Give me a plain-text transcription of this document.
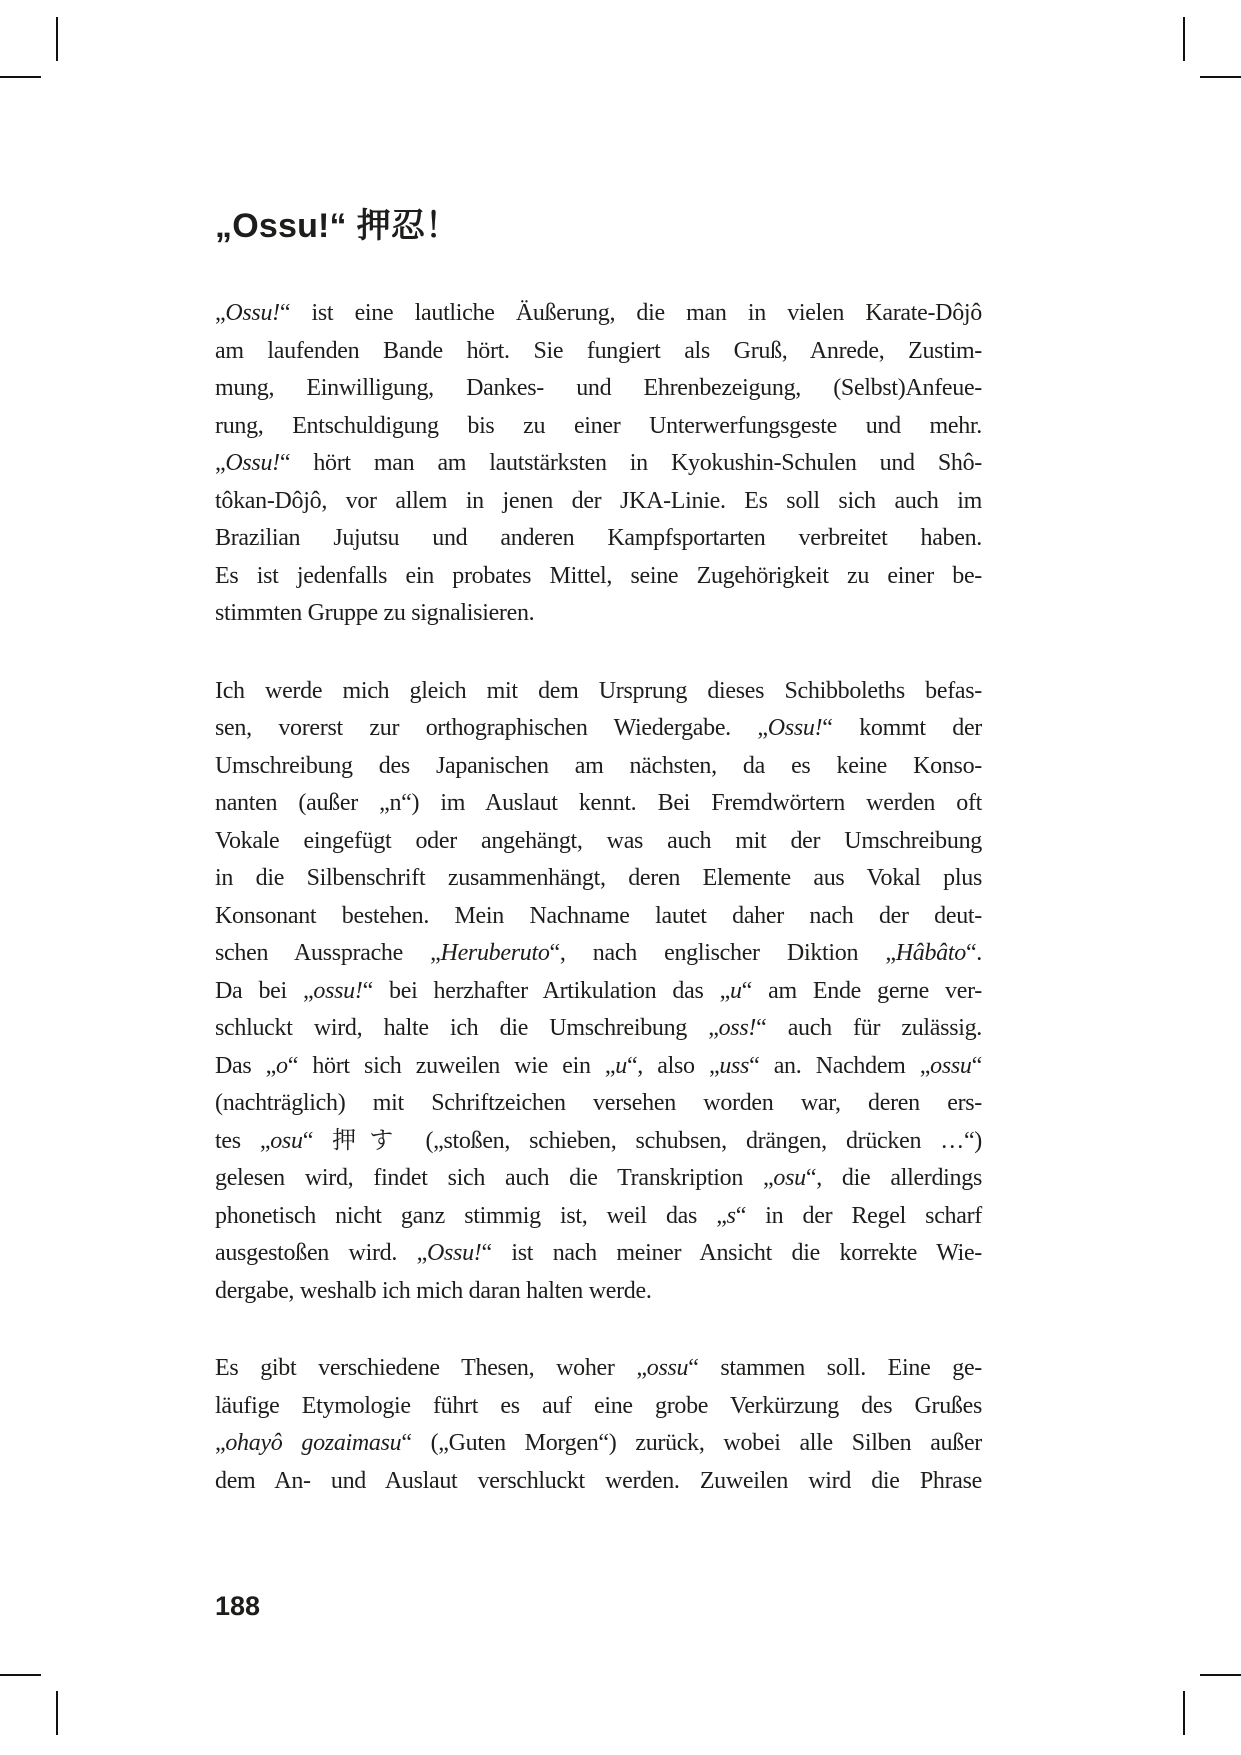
„Ossu!“ 押忍！
„Ossu!“ ist eine lautliche Äußerung, die man in vielen Karate-Dôjô
am laufenden Bande hört. Sie fungiert als Gruß, Anrede, Zustim-
mung, Einwilligung, Dankes- und Ehrenbezeigung, (Selbst)Anfeue-
rung, Entschuldigung bis zu einer Unterwerfungsgeste und mehr.
„Ossu!“ hört man am lautstärksten in Kyokushin-Schulen und Shô-
tôkan-Dôjô, vor allem in jenen der JKA-Linie. Es soll sich auch im
Brazilian Jujutsu und anderen Kampfsportarten verbreitet haben.
Es ist jedenfalls ein probates Mittel, seine Zugehörigkeit zu einer be-
stimmten Gruppe zu signalisieren.
Ich werde mich gleich mit dem Ursprung dieses Schibboleths befas-
sen, vorerst zur orthographischen Wiedergabe. „Ossu!“ kommt der
Umschreibung des Japanischen am nächsten, da es keine Konso-
nanten (außer „n“) im Auslaut kennt. Bei Fremdwörtern werden oft
Vokale eingefügt oder angehängt, was auch mit der Umschreibung
in die Silbenschrift zusammenhängt, deren Elemente aus Vokal plus
Konsonant bestehen. Mein Nachname lautet daher nach der deut-
schen Aussprache „Heruberuto“, nach englischer Diktion „Hâbâto“.
Da bei „ossu!“ bei herzhafter Artikulation das „u“ am Ende gerne ver-
schluckt wird, halte ich die Umschreibung „oss!“ auch für zulässig.
Das „o“ hört sich zuweilen wie ein „u“, also „uss“ an. Nachdem „ossu“
(nachträglich) mit Schriftzeichen versehen worden war, deren ers-
tes „osu“ 押す („stoßen, schieben, schubsen, drängen, drücken …“)
gelesen wird, findet sich auch die Transkription „osu“, die allerdings
phonetisch nicht ganz stimmig ist, weil das „s“ in der Regel scharf
ausgestoßen wird. „Ossu!“ ist nach meiner Ansicht die korrekte Wie-
dergabe, weshalb ich mich daran halten werde.
Es gibt verschiedene Thesen, woher „ossu“ stammen soll. Eine ge-
läufige Etymologie führt es auf eine grobe Verkürzung des Grußes
„ohayô gozaimasu“ („Guten Morgen“) zurück, wobei alle Silben außer
dem An- und Auslaut verschluckt werden. Zuweilen wird die Phrase
188
